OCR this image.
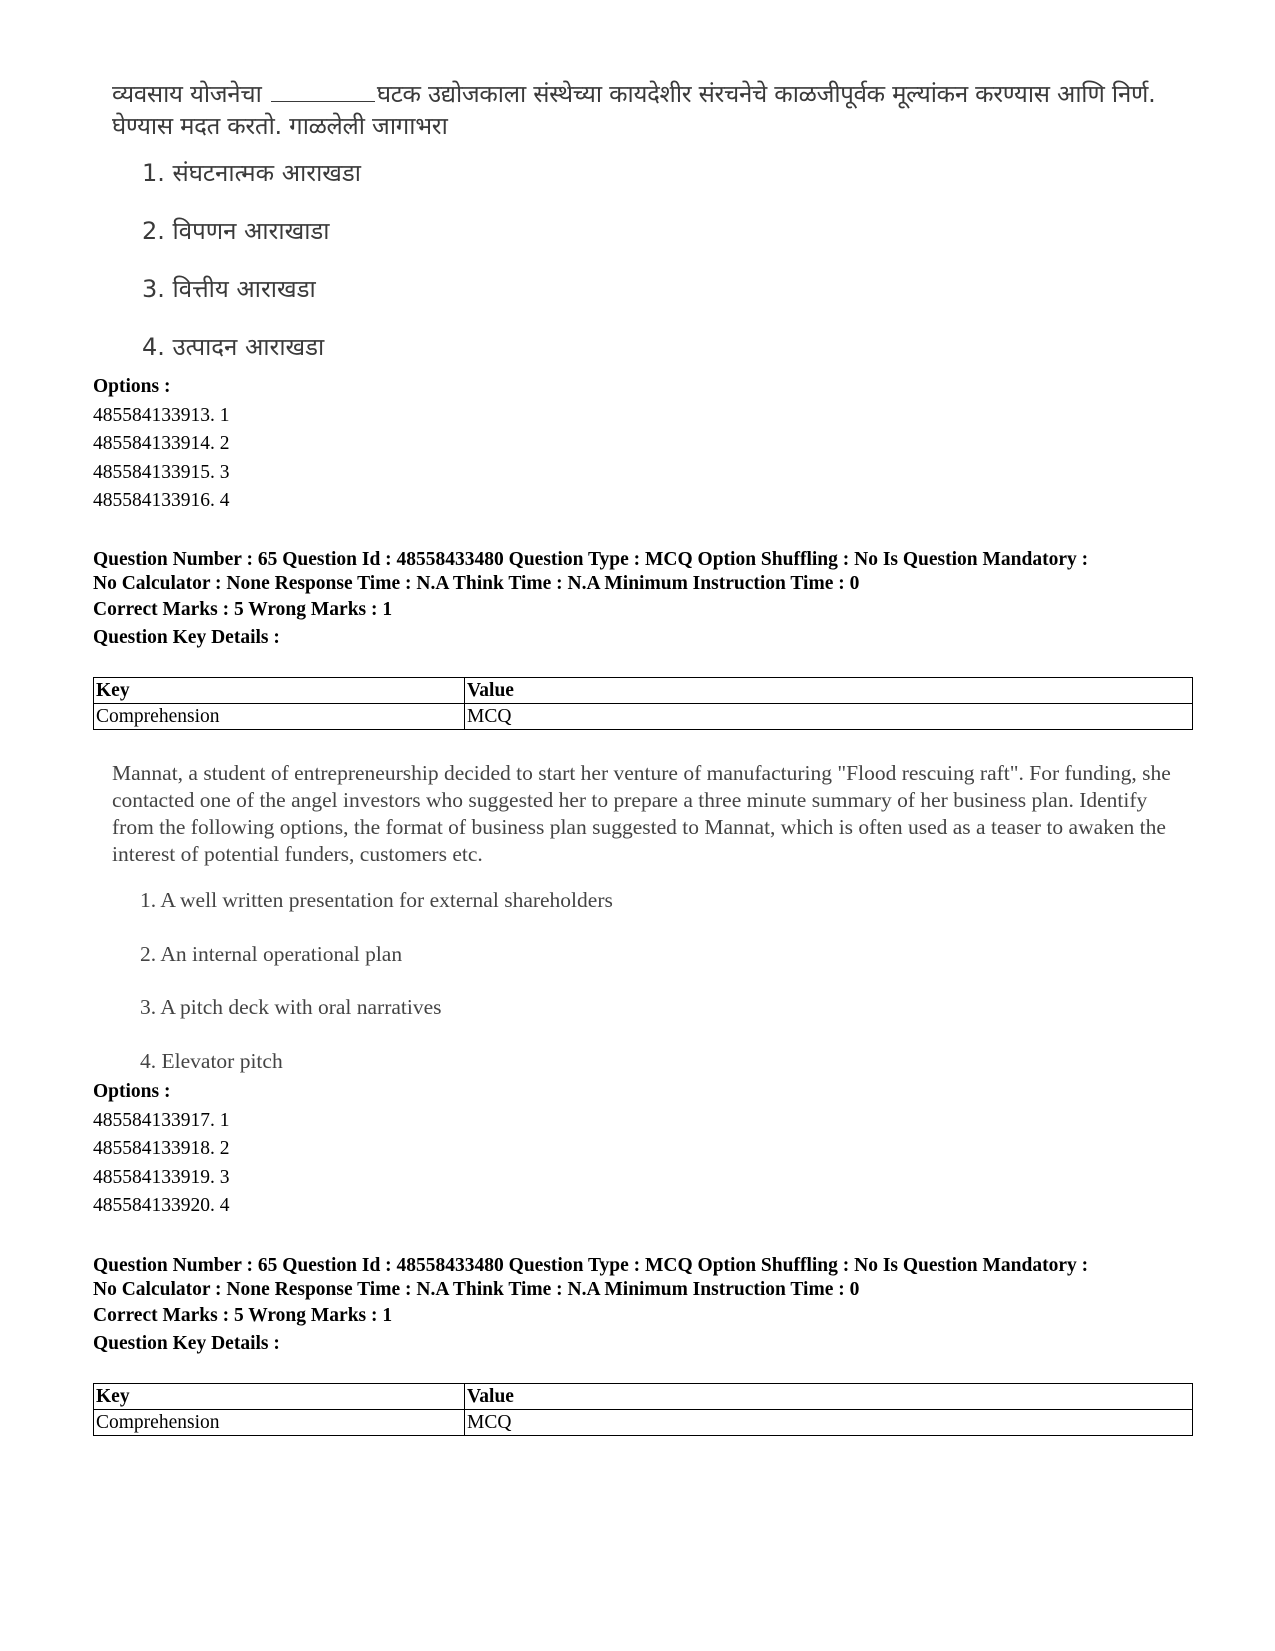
व्यवसाय योजनेचा	घटक उद्योजकाला संस्थेच्या कायदेशीर संरचनेचे काळजीपूर्वक मूल्यांकन करण्यास आणि निर्ण. घेण्यास मदत करतो. गाळलेली जागाभरा
1. संघटनात्मक आराखडा
2. विपणन आराखाडा
3. वित्तीय आराखडा
4. उत्पादन आराखडा
Options :
485584133913. 1
485584133914. 2
485584133915. 3
485584133916. 4
Question Number : 65 Question Id : 48558433480 Question Type : MCQ Option Shuffling : No Is Question Mandatory :
No Calculator : None Response Time : N.A Think Time : N.A Minimum Instruction Time : 0
Correct Marks : 5 Wrong Marks : 1
Question Key Details :
Key	Value
Comprehension	MCQ
Mannat, a student of entrepreneurship decided to start her venture of manufacturing "Flood rescuing raft". For funding, she contacted one of the angel investors who suggested her to prepare a three minute summary of her business plan. Identify from the following options, the format of business plan suggested to Mannat, which is often used as a teaser to awaken the interest of potential funders, customers etc.
1. A well written presentation for external shareholders
2. An internal operational plan
3. A pitch deck with oral narratives
4. Elevator pitch
Options :
485584133917. 1
485584133918. 2
485584133919. 3
485584133920. 4
Question Number : 65 Question Id : 48558433480 Question Type : MCQ Option Shuffling : No Is Question Mandatory :
No Calculator : None Response Time : N.A Think Time : N.A Minimum Instruction Time : 0
Correct Marks : 5 Wrong Marks : 1
Question Key Details :
Key	Value
Comprehension	MCQ
